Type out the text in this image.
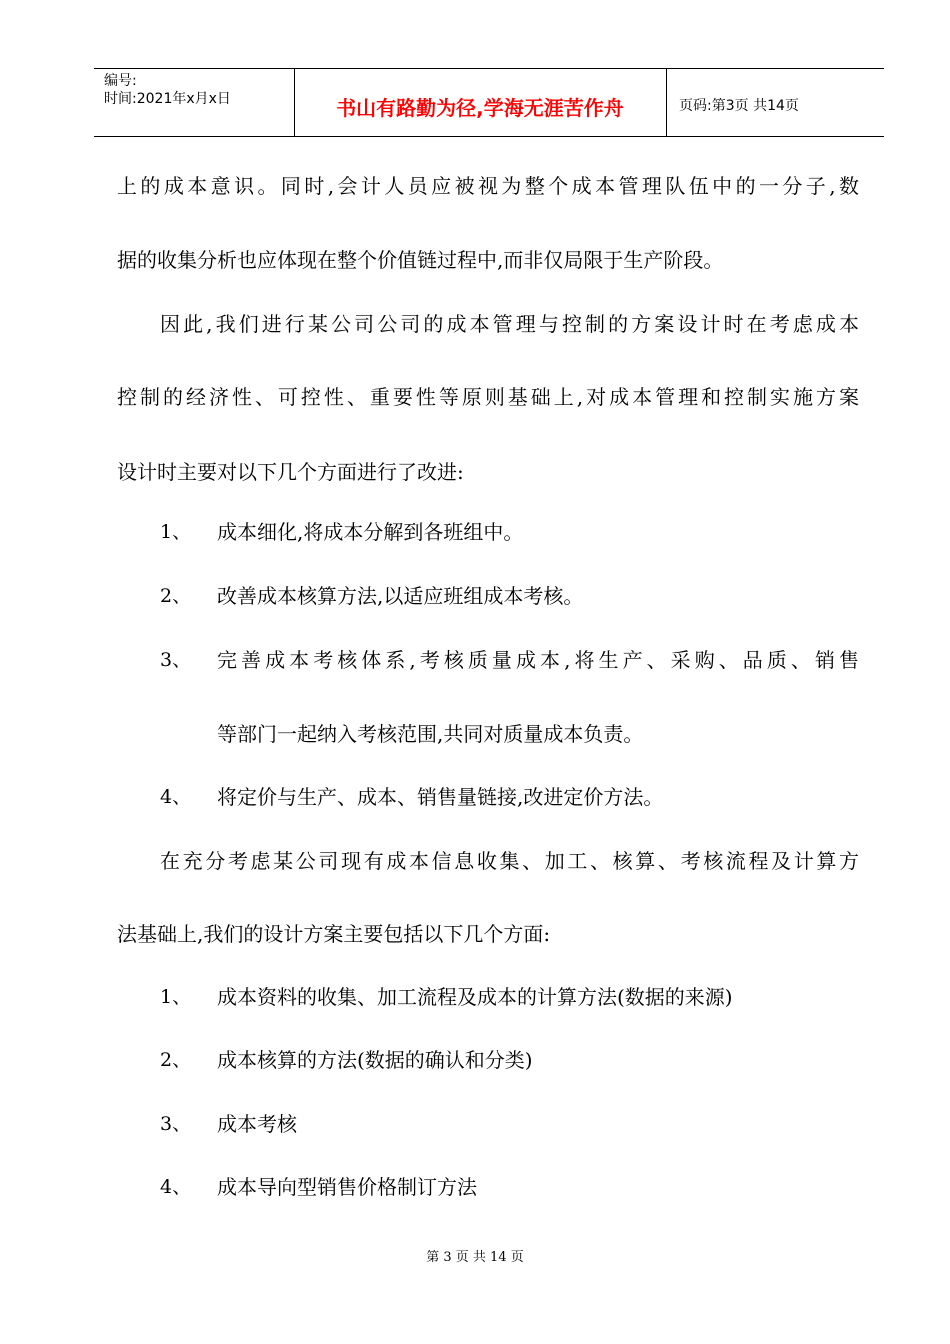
编号:
时间:2021年x月x日	书山有路勤为径,学海无涯苦作舟	页码:第3页 共14页
上的成本意识。同时,会计人员应被视为整个成本管理队伍中的一分子,数
据的收集分析也应体现在整个价值链过程中,而非仅局限于生产阶段。
因此,我们进行某公司公司的成本管理与控制的方案设计时在考虑成本
控制的经济性、可控性、重要性等原则基础上,对成本管理和控制实施方案
设计时主要对以下几个方面进行了改进:
1、 成本细化,将成本分解到各班组中。
2、 改善成本核算方法,以适应班组成本考核。
3、 完善成本考核体系,考核质量成本,将生产、采购、品质、销售
等部门一起纳入考核范围,共同对质量成本负责。
4、 将定价与生产、成本、销售量链接,改进定价方法。
在充分考虑某公司现有成本信息收集、加工、核算、考核流程及计算方
法基础上,我们的设计方案主要包括以下几个方面:
1、 成本资料的收集、加工流程及成本的计算方法(数据的来源)
2、 成本核算的方法(数据的确认和分类)
3、 成本考核
4、 成本导向型销售价格制订方法
第 3 页 共 14 页
